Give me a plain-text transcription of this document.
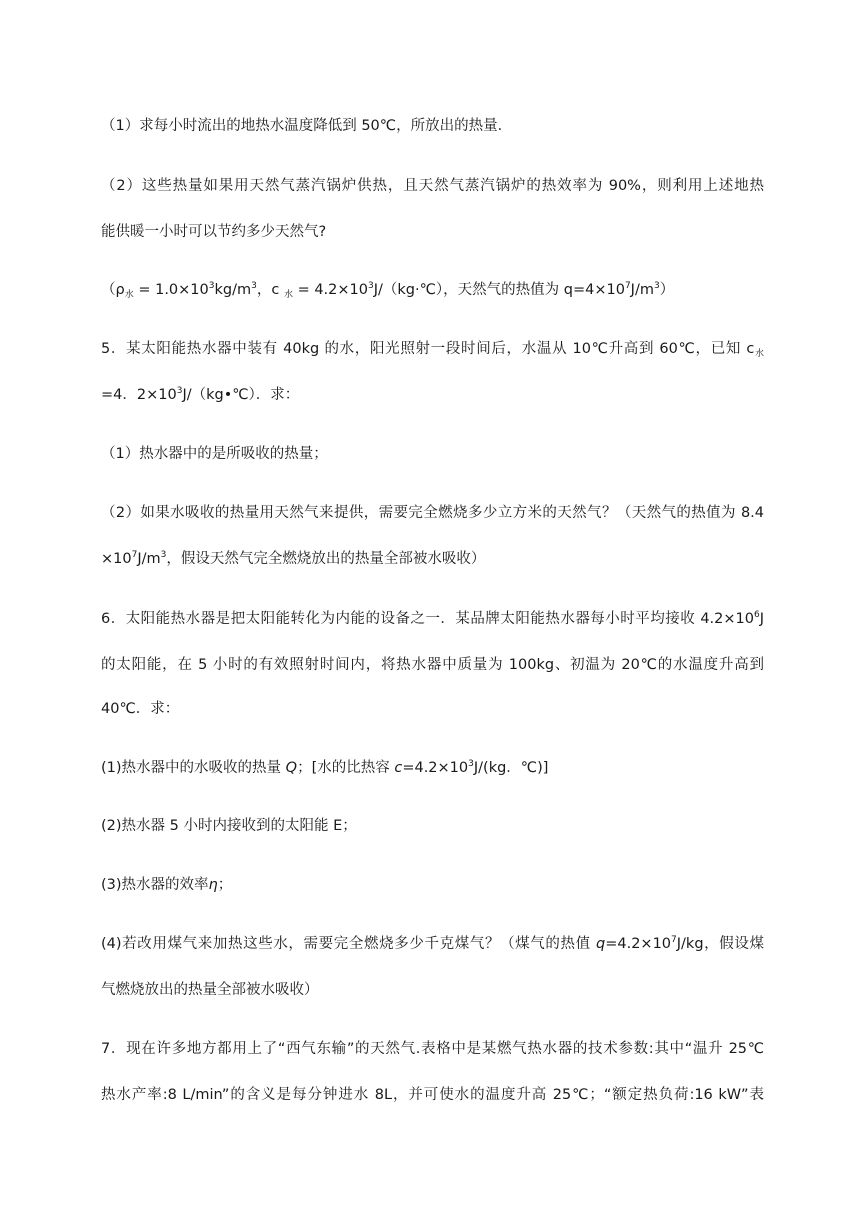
（1）求每小时流出的地热水温度降低到 50℃，所放出的热量．
（2）这些热量如果用天然气蒸汽锅炉供热，且天然气蒸汽锅炉的热效率为 90%，则利用上述地热
能供暖一小时可以节约多少天然气?
（$\rho_水 = 1.0\times 10^3kg/m^3$，c $_水 = 4.2\times 10^3J/(kg\cdot℃)$，天然气的热值为 $q=4\times 10^7J/m^3$）
5．某太阳能热水器中装有 40kg 的水，阳光照射一段时间后，水温从 10℃升高到 60℃，已知 $c_水$
=4．$2\times 10^3J/(kg•℃)$．求：
（1）热水器中的是所吸收的热量；
（2）如果水吸收的热量用天然气来提供，需要完全燃烧多少立方米的天然气？（天然气的热值为 8.4
$\times 10^7J/m^3$，假设天然气完全燃烧放出的热量全部被水吸收）
6．太阳能热水器是把太阳能转化为内能的设备之一．某品牌太阳能热水器每小时平均接收 $4.2\times 10^6J$
的太阳能，在 5 小时的有效照射时间内，将热水器中质量为 100kg、初温为 20℃的水温度升高到
40℃．求：
(1)热水器中的水吸收的热量 Q；[水的比热容 $c=4.2\times 10^3J/(kg$．℃)]
(2)热水器 5 小时内接收到的太阳能 E；
(3)热水器的效率η；
(4)若改用煤气来加热这些水，需要完全燃烧多少千克煤气？（煤气的热值 $q=4.2\times 10^7J/kg$，假设煤
气燃烧放出的热量全部被水吸收）
7．现在许多地方都用上了“西气东输”的天然气.表格中是某燃气热水器的技术参数:其中“温升 25℃
热水产率:8 L/min”的含义是每分钟进水 8L，并可使水的温度升高 25℃；“额定热负荷:16 kW”表
